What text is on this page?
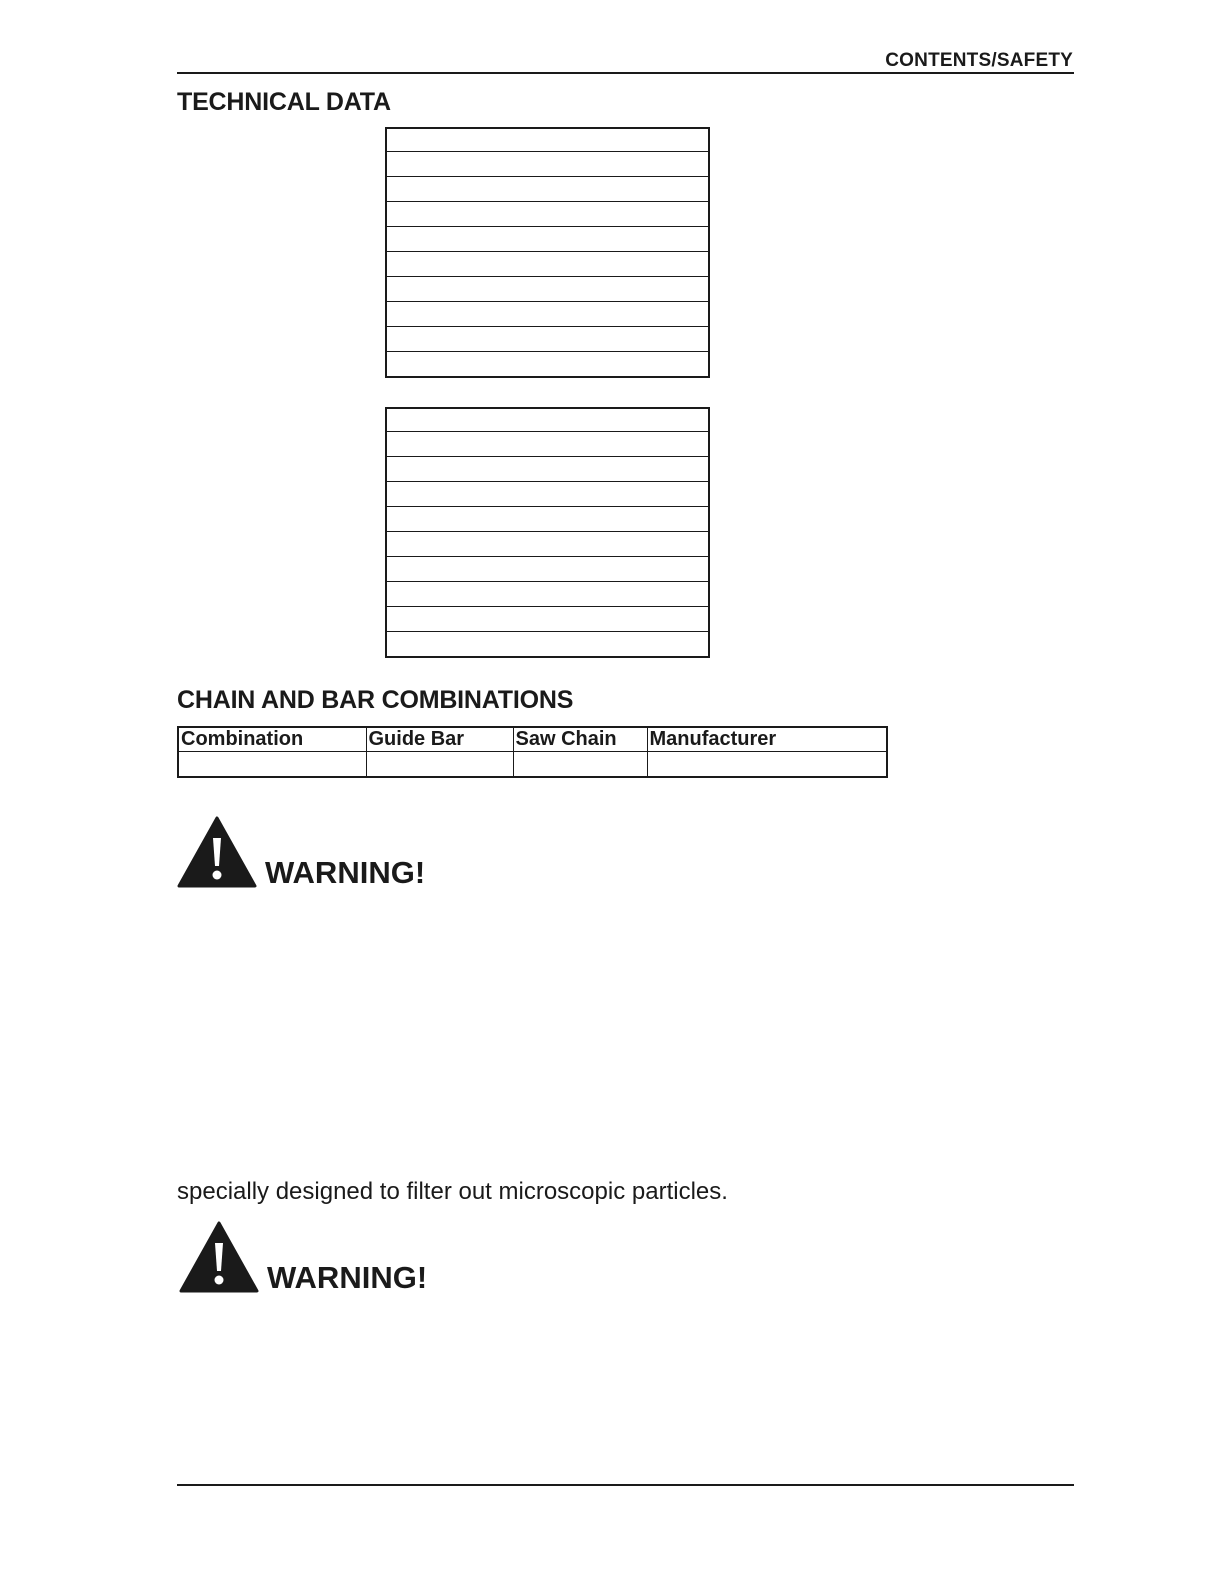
CONTENTS/SAFETY
TECHNICAL DATA

CHAIN AND BAR COMBINATIONS
Combination	Guide Bar	Saw Chain	Manufacturer

WARNING!
specially designed to filter out microscopic particles.
WARNING!
